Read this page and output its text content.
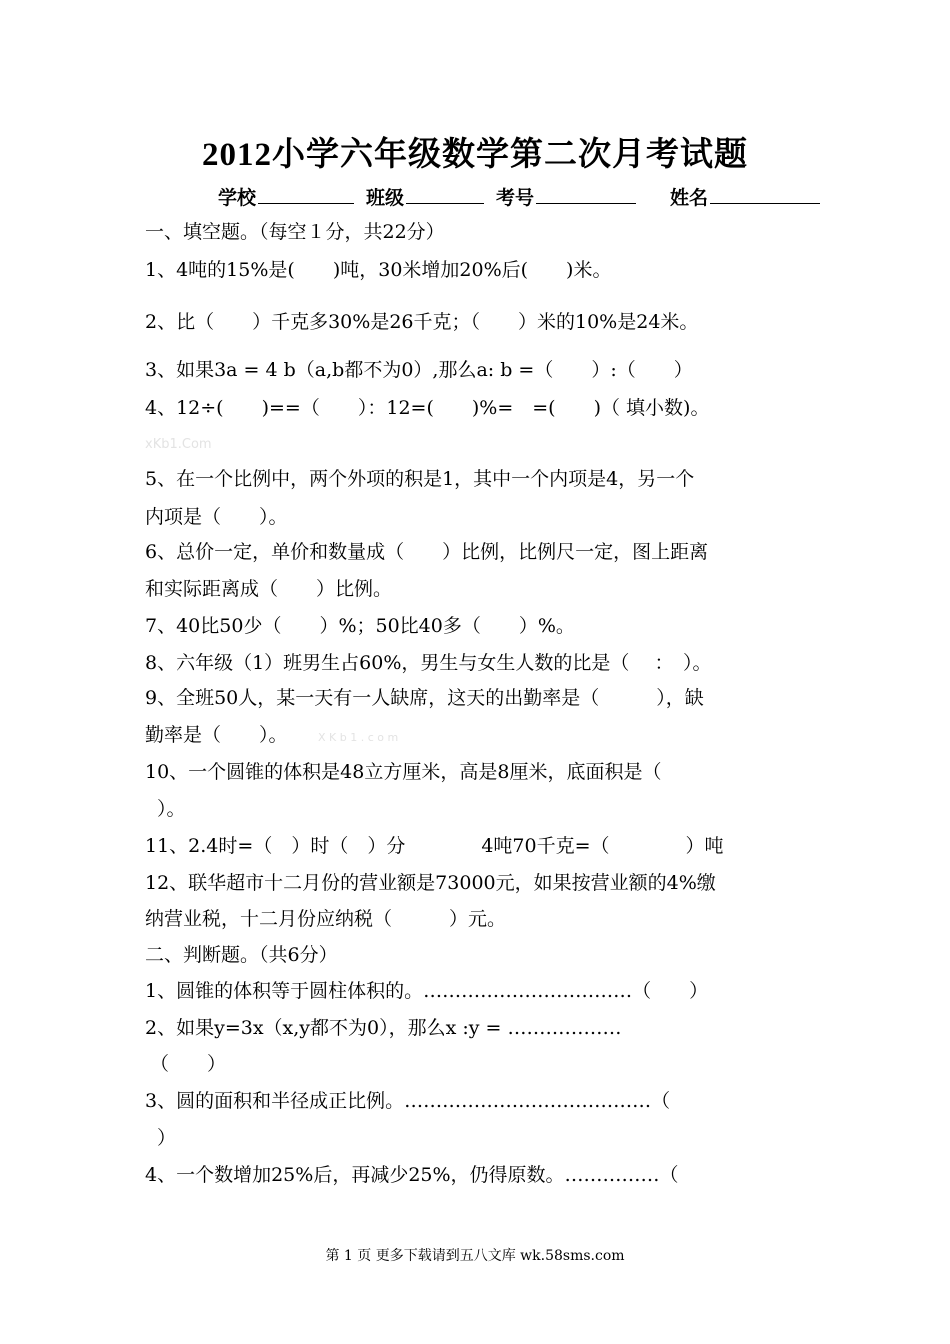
2012小学六年级数学第二次月考试题
学校	班级	考号	姓名
一、填空题。（每空１分，共22分）
1、4吨的15%是(　　)吨，30米增加20%后(　　)米。
2、比（　　）千克多30%是26千克；（　　）米的10%是24米。
3、如果3a = 4 b（a,b都不为0）,那么a: b =（　　）:（　　）
4、12÷(　　)==（　　）：12=(　　)%=　=(　　)（ 填小数)。
5、在一个比例中，两个外项的积是1，其中一个内项是4，另一个
内项是（　　）。
6、总价一定，单价和数量成（　　）比例，比例尺一定，图上距离
和实际距离成（　　）比例。
7、40比50少（　　）%；50比40多（　　）%。
8、六年级（1）班男生占60%，男生与女生人数的比是（　 ：　）。
9、全班50人，某一天有一人缺席，这天的出勤率是（　　　），缺
勤率是（　　）。
10、一个圆锥的体积是48立方厘米，高是8厘米，底面积是（
）。
11、2.4时=（　）时（　）分　　　　4吨70千克=（　　　　）吨
12、联华超市十二月份的营业额是73000元，如果按营业额的4%缴
纳营业税，十二月份应纳税（　　　）元。
二、判断题。（共6分）
1、圆锥的体积等于圆柱体积的。……………………………（　　）
2、如果y=3x（x,y都不为0），那么x :y = ………………
（　　）
3、圆的面积和半径成正比例。…………………………………（
）
4、一个数增加25%后，再减少25%，仍得原数。……………（
xKb1.Com
X K b 1 . c o m
第 1 页 更多下载请到五八文库 wk.58sms.com
